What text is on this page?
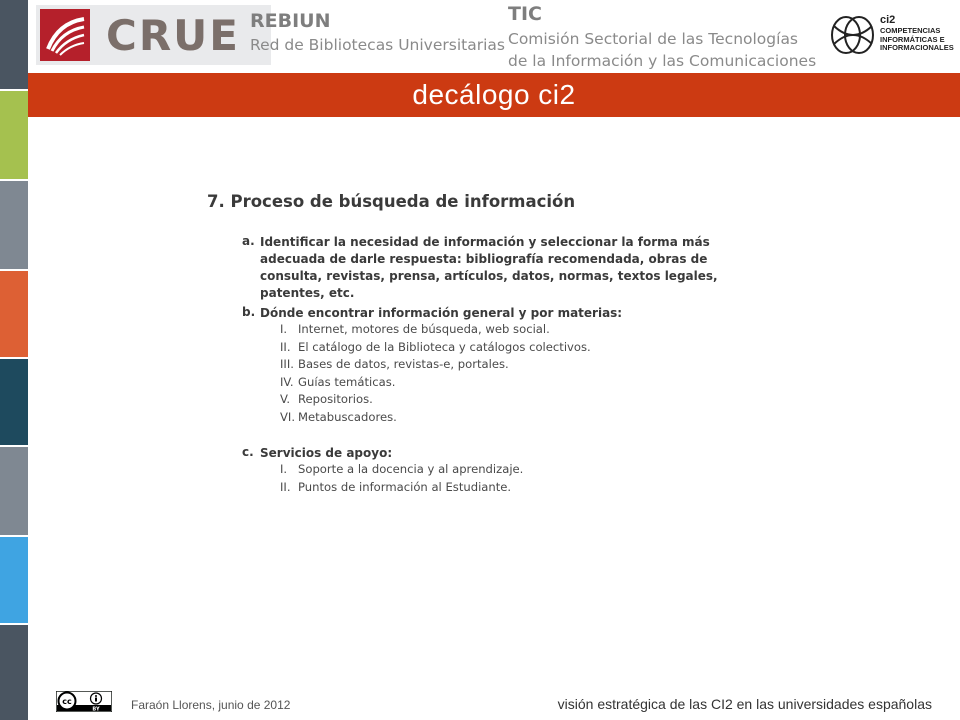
CRUE REBIUN
Red de Bibliotecas Universitarias
TIC
Comisión Sectorial de las Tecnologías
de la Información y las Comunicaciones
ci2
COMPETENCIAS
INFORMÁTICAS E
INFORMACIONALES
decálogo ci2
7. Proceso de búsqueda de información
a. Identificar la necesidad de información y seleccionar la forma más adecuada de darle respuesta: bibliografía recomendada, obras de consulta, revistas, prensa, artículos, datos, normas, textos legales, patentes, etc.
b. Dónde encontrar información general y por materias:
I. Internet, motores de búsqueda, web social.
II. El catálogo de la Biblioteca y catálogos colectivos.
III. Bases de datos, revistas-e, portales.
IV. Guías temáticas.
V. Repositorios.
VI. Metabuscadores.
c. Servicios de apoyo:
I. Soporte a la docencia y al aprendizaje.
II. Puntos de información al Estudiante.
cc
BY	Faraón Llorens, junio de 2012	visión estratégica de las CI2 en las universidades españolas
